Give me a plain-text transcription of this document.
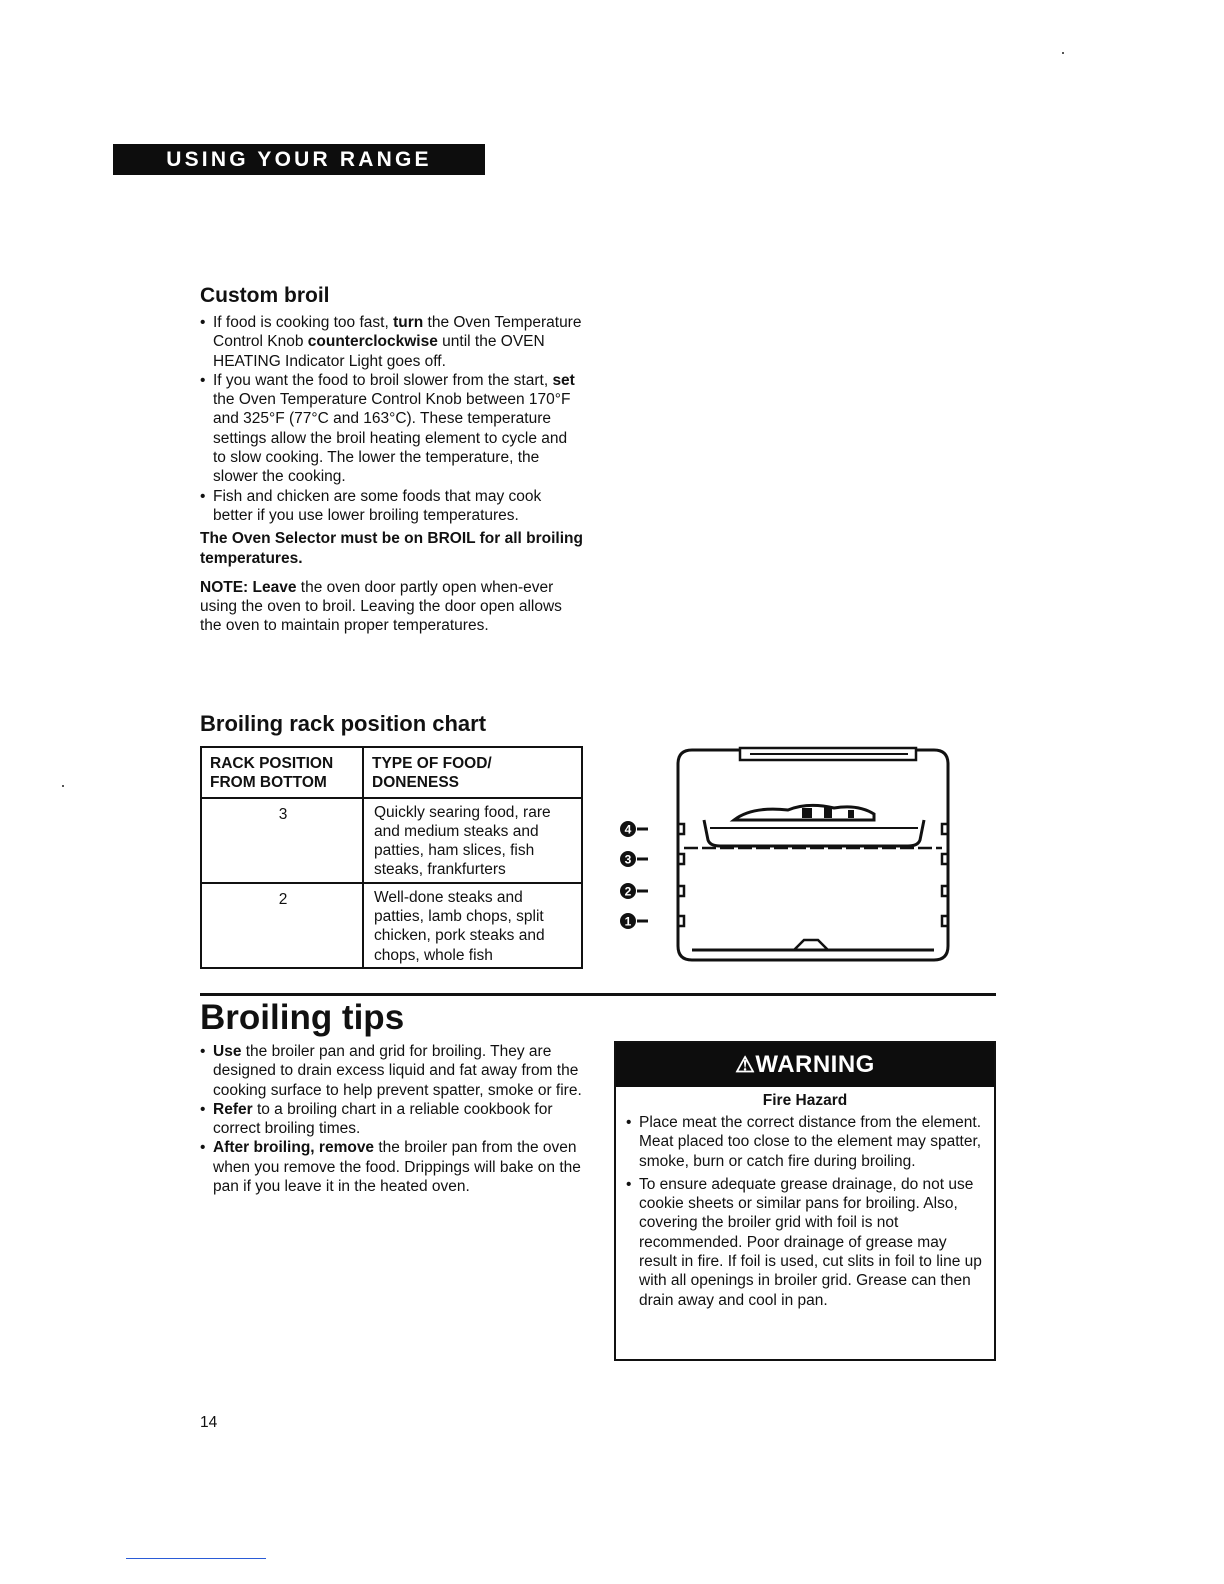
USING YOUR RANGE
Custom broil
• If food is cooking too fast, turn the Oven Temperature Control Knob counterclockwise until the OVEN HEATING Indicator Light goes off.
• If you want the food to broil slower from the start, set the Oven Temperature Control Knob between 170°F and 325°F (77°C and 163°C). These temperature settings allow the broil heating element to cycle and to slow cooking. The lower the temperature, the slower the cooking.
• Fish and chicken are some foods that may cook better if you use lower broiling temperatures.

The Oven Selector must be on BROIL for all broiling temperatures.

NOTE: Leave the oven door partly open when-ever using the oven to broil. Leaving the door open allows the oven to maintain proper temperatures.

Broiling rack position chart
RACK POSITION
FROM BOTTOM	TYPE OF FOOD/
DONENESS
3	Quickly searing food, rare and medium steaks and patties, ham slices, fish steaks, frankfurters
2	Well-done steaks and patties, lamb chops, split chicken, pork steaks and chops, whole fish
4
3
2
1
Broiling tips
• Use the broiler pan and grid for broiling. They are designed to drain excess liquid and fat away from the cooking surface to help prevent spatter, smoke or fire.
• Refer to a broiling chart in a reliable cookbook for correct broiling times.
• After broiling, remove the broiler pan from the oven when you remove the food. Drippings will bake on the pan if you leave it in the heated oven.
⚠WARNING
Fire Hazard
• Place meat the correct distance from the element. Meat placed too close to the element may spatter, smoke, burn or catch fire during broiling.
• To ensure adequate grease drainage, do not use cookie sheets or similar pans for broiling. Also, covering the broiler grid with foil is not recommended. Poor drainage of grease may result in fire. If foil is used, cut slits in foil to line up with all openings in broiler grid. Grease can then drain away and cool in pan.
14
